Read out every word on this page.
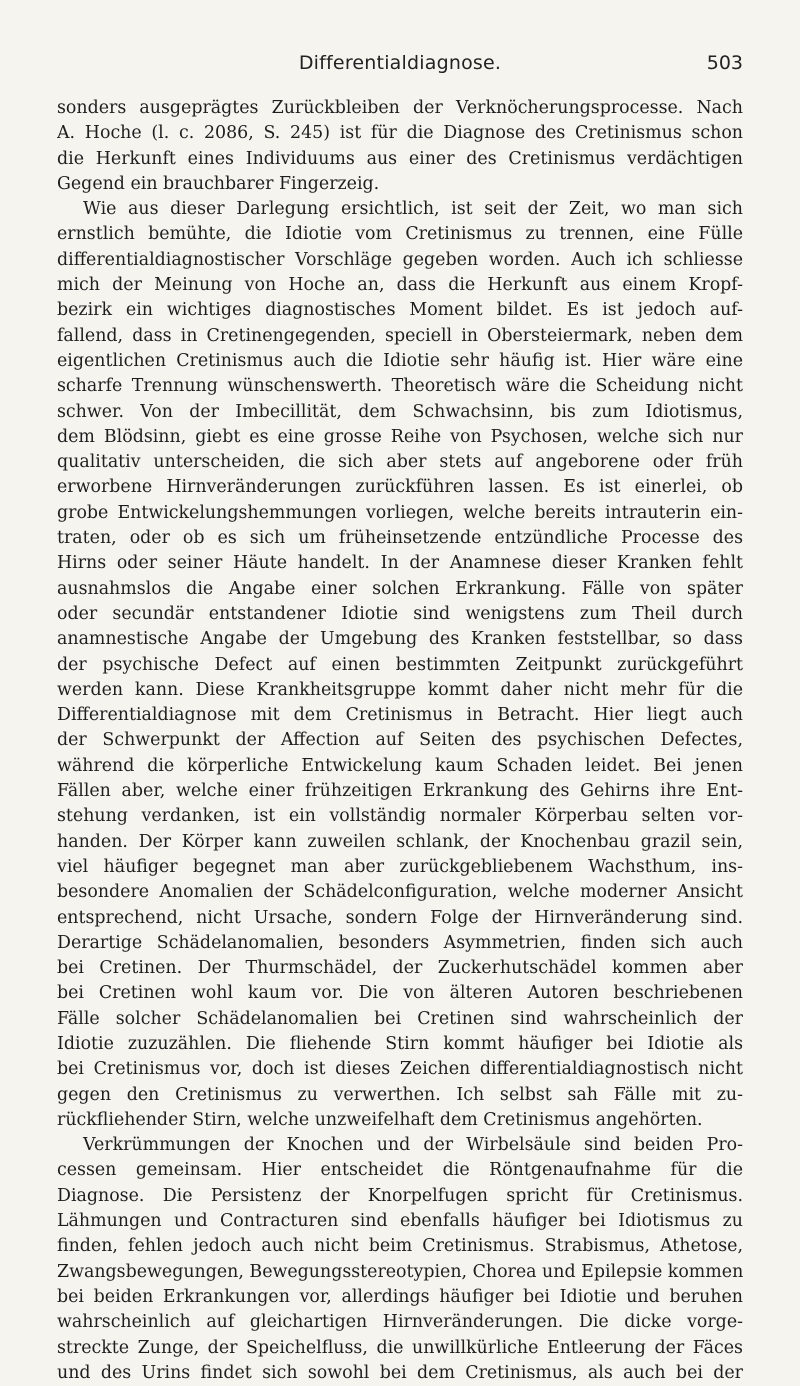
Differentialdiagnose.	503
sonders ausgeprägtes Zurückbleiben der Verknöcherungsprocesse. Nach
A. Hoche (l. c. 2086, S. 245) ist für die Diagnose des Cretinismus schon
die Herkunft eines Individuums aus einer des Cretinismus verdächtigen
Gegend ein brauchbarer Fingerzeig.
Wie aus dieser Darlegung ersichtlich, ist seit der Zeit, wo man sich
ernstlich bemühte, die Idiotie vom Cretinismus zu trennen, eine Fülle
differentialdiagnostischer Vorschläge gegeben worden. Auch ich schliesse
mich der Meinung von Hoche an, dass die Herkunft aus einem Kropf-
bezirk ein wichtiges diagnostisches Moment bildet. Es ist jedoch auf-
fallend, dass in Cretinengegenden, speciell in Obersteiermark, neben dem
eigentlichen Cretinismus auch die Idiotie sehr häufig ist. Hier wäre eine
scharfe Trennung wünschenswerth. Theoretisch wäre die Scheidung nicht
schwer. Von der Imbecillität, dem Schwachsinn, bis zum Idiotismus,
dem Blödsinn, giebt es eine grosse Reihe von Psychosen, welche sich nur
qualitativ unterscheiden, die sich aber stets auf angeborene oder früh
erworbene Hirnveränderungen zurückführen lassen. Es ist einerlei, ob
grobe Entwickelungshemmungen vorliegen, welche bereits intrauterin ein-
traten, oder ob es sich um früheinsetzende entzündliche Processe des
Hirns oder seiner Häute handelt. In der Anamnese dieser Kranken fehlt
ausnahmslos die Angabe einer solchen Erkrankung. Fälle von später
oder secundär entstandener Idiotie sind wenigstens zum Theil durch
anamnestische Angabe der Umgebung des Kranken feststellbar, so dass
der psychische Defect auf einen bestimmten Zeitpunkt zurückgeführt
werden kann. Diese Krankheitsgruppe kommt daher nicht mehr für die
Differentialdiagnose mit dem Cretinismus in Betracht. Hier liegt auch
der Schwerpunkt der Affection auf Seiten des psychischen Defectes,
während die körperliche Entwickelung kaum Schaden leidet. Bei jenen
Fällen aber, welche einer frühzeitigen Erkrankung des Gehirns ihre Ent-
stehung verdanken, ist ein vollständig normaler Körperbau selten vor-
handen. Der Körper kann zuweilen schlank, der Knochenbau grazil sein,
viel häufiger begegnet man aber zurückgebliebenem Wachsthum, ins-
besondere Anomalien der Schädelconfiguration, welche moderner Ansicht
entsprechend, nicht Ursache, sondern Folge der Hirnveränderung sind.
Derartige Schädelanomalien, besonders Asymmetrien, finden sich auch
bei Cretinen. Der Thurmschädel, der Zuckerhutschädel kommen aber
bei Cretinen wohl kaum vor. Die von älteren Autoren beschriebenen
Fälle solcher Schädelanomalien bei Cretinen sind wahrscheinlich der
Idiotie zuzuzählen. Die fliehende Stirn kommt häufiger bei Idiotie als
bei Cretinismus vor, doch ist dieses Zeichen differentialdiagnostisch nicht
gegen den Cretinismus zu verwerthen. Ich selbst sah Fälle mit zu-
rückfliehender Stirn, welche unzweifelhaft dem Cretinismus angehörten.
Verkrümmungen der Knochen und der Wirbelsäule sind beiden Pro-
cessen gemeinsam. Hier entscheidet die Röntgenaufnahme für die
Diagnose. Die Persistenz der Knorpelfugen spricht für Cretinismus.
Lähmungen und Contracturen sind ebenfalls häufiger bei Idiotismus zu
finden, fehlen jedoch auch nicht beim Cretinismus. Strabismus, Athetose,
Zwangsbewegungen, Bewegungsstereotypien, Chorea und Epilepsie kommen
bei beiden Erkrankungen vor, allerdings häufiger bei Idiotie und beruhen
wahrscheinlich auf gleichartigen Hirnveränderungen. Die dicke vorge-
streckte Zunge, der Speichelfluss, die unwillkürliche Entleerung der Fäces
und des Urins findet sich sowohl bei dem Cretinismus, als auch bei der
